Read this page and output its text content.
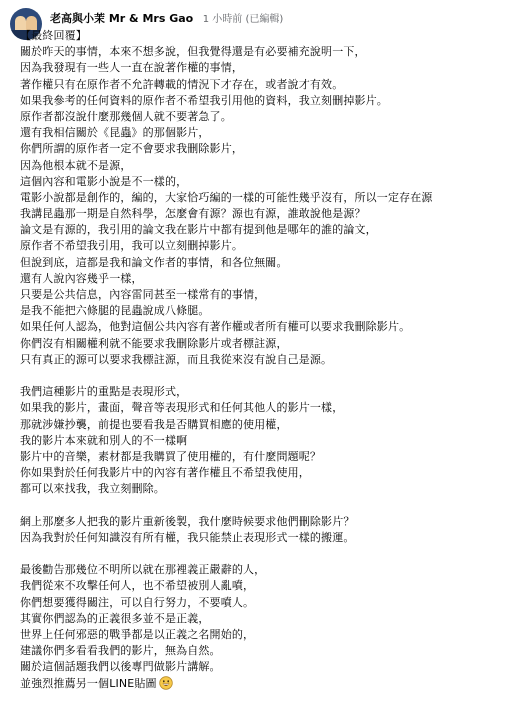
老高與小茉 Mr & Mrs Gao 1 小時前 (已編輯)
【最終回覆】
關於昨天的事情，本來不想多說，但我覺得還是有必要補充說明一下，
因為我發現有一些人一直在說著作權的事情，
著作權只有在原作者不允許轉載的情況下才存在，或者說才有效。
如果我參考的任何資料的原作者不希望我引用他的資料，我立刻刪掉影片。
原作者都沒說什麼那幾個人就不要著急了。
還有我相信關於《昆蟲》的那個影片，
你們所謂的原作者一定不會要求我刪除影片，
因為他根本就不是源，
這個內容和電影小說是不一樣的，
電影小說都是創作的，編的，大家恰巧編的一樣的可能性幾乎沒有，所以一定存在源
我講昆蟲那一期是自然科學，怎麼會有源？源也有源，誰敢說他是源？
論文是有源的，我引用的論文我在影片中都有提到他是哪年的誰的論文，
原作者不希望我引用，我可以立刻刪掉影片。
但說到底，這都是我和論文作者的事情，和各位無關。
還有人說內容幾乎一樣，
只要是公共信息，內容雷同甚至一樣常有的事情，
是我不能把六條腿的昆蟲說成八條腿。
如果任何人認為，他對這個公共內容有著作權或者所有權可以要求我刪除影片。
你們沒有相關權利就不能要求我刪除影片或者標註源，
只有真正的源可以要求我標註源，而且我從來沒有說自己是源。
我們這種影片的重點是表現形式，
如果我的影片，畫面，聲音等表現形式和任何其他人的影片一樣，
那就涉嫌抄襲，前提也要看我是否購買相應的使用權，
我的影片本來就和別人的不一樣啊
影片中的音樂，素材都是我購買了使用權的，有什麼問題呢？
你如果對於任何我影片中的內容有著作權且不希望我使用，
都可以來找我，我立刻刪除。
網上那麼多人把我的影片重新後製，我什麼時候要求他們刪除影片？
因為我對於任何知識沒有所有權，我只能禁止表現形式一樣的搬運。
最後勸告那幾位不明所以就在那裡義正嚴辭的人，
我們從來不攻擊任何人，也不希望被別人亂噴，
你們想要獲得關注，可以自行努力，不要噴人。
其實你們認為的正義很多並不是正義，
世界上任何邪惡的戰爭都是以正義之名開始的，
建議你們多看看我們的影片，無為自然。
關於這個話題我們以後專門做影片講解。
並強烈推薦另一個LINE貼圖
